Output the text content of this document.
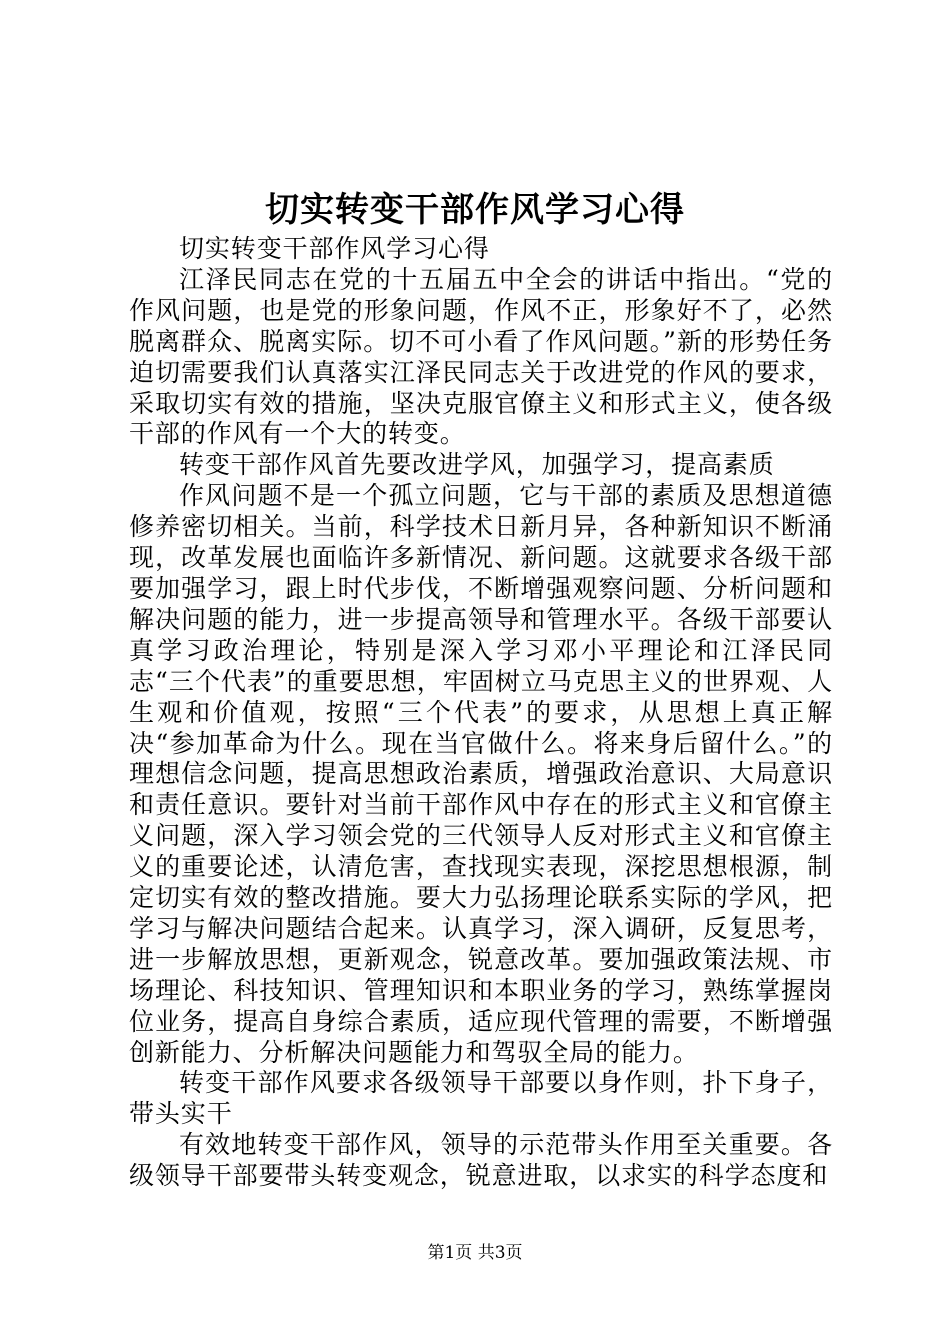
切实转变干部作风学习心得

切实转变干部作风学习心得

江泽民同志在党的十五届五中全会的讲话中指出。“党的作风问题，也是党的形象问题，作风不正，形象好不了，必然脱离群众、脱离实际。切不可小看了作风问题。”新的形势任务迫切需要我们认真落实江泽民同志关于改进党的作风的要求，采取切实有效的措施，坚决克服官僚主义和形式主义，使各级干部的作风有一个大的转变。

转变干部作风首先要改进学风，加强学习，提高素质

作风问题不是一个孤立问题，它与干部的素质及思想道德修养密切相关。当前，科学技术日新月异，各种新知识不断涌现，改革发展也面临许多新情况、新问题。这就要求各级干部要加强学习，跟上时代步伐，不断增强观察问题、分析问题和解决问题的能力，进一步提高领导和管理水平。各级干部要认真学习政治理论，特别是深入学习邓小平理论和江泽民同志“三个代表”的重要思想，牢固树立马克思主义的世界观、人生观和价值观，按照“三个代表”的要求，从思想上真正解决“参加革命为什么。现在当官做什么。将来身后留什么。”的理想信念问题，提高思想政治素质，增强政治意识、大局意识和责任意识。要针对当前干部作风中存在的形式主义和官僚主义问题，深入学习领会党的三代领导人反对形式主义和官僚主义的重要论述，认清危害，查找现实表现，深挖思想根源，制定切实有效的整改措施。要大力弘扬理论联系实际的学风，把学习与解决问题结合起来。认真学习，深入调研，反复思考，进一步解放思想，更新观念，锐意改革。要加强政策法规、市场理论、科技知识、管理知识和本职业务的学习，熟练掌握岗位业务，提高自身综合素质，适应现代管理的需要，不断增强创新能力、分析解决问题能力和驾驭全局的能力。

转变干部作风要求各级领导干部要以身作则，扑下身子，带头实干

有效地转变干部作风，领导的示范带头作用至关重要。各级领导干部要带头转变观念，锐意进取，以求实的科学态度和

第1页 共3页
